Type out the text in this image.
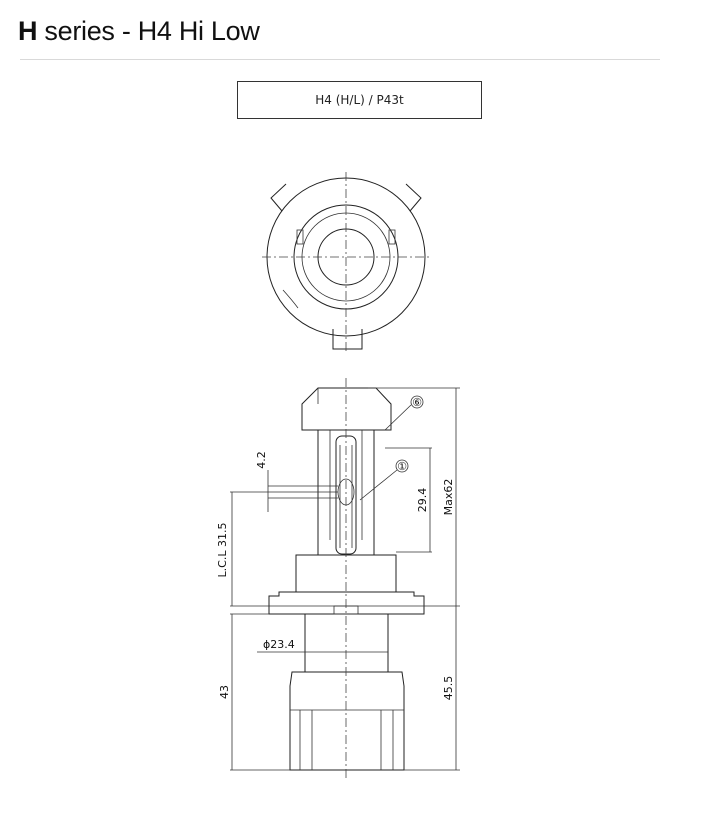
H series - H4 Hi Low
H4 (H/L) / P43t
⑥
①
4.2
L.C.L 31.5
29.4 Max62
ϕ23.4
43	45.5
